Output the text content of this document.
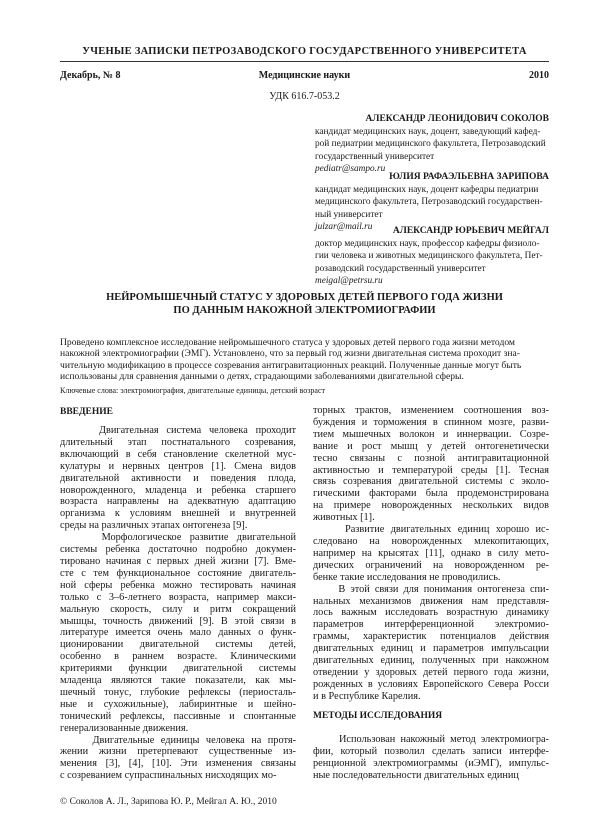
УЧЕНЫЕ ЗАПИСКИ ПЕТРОЗАВОДСКОГО ГОСУДАРСТВЕННОГО УНИВЕРСИТЕТА
Декабрь, № 8	Медицинские науки	2010
УДК 616.7-053.2
АЛЕКСАНДР ЛЕОНИДОВИЧ СОКОЛОВ
кандидат медицинских наук, доцент, заведующий кафед-
рой педиатрии медицинского факультета, Петрозаводский
государственный университет
pediatr@sampo.ru
ЮЛИЯ РАФАЭЛЬЕВНА ЗАРИПОВА
кандидат медицинских наук, доцент кафедры педиатрии
медицинского факультета, Петрозаводский государствен-
ный университет
julzar@mail.ru	АЛЕКСАНДР ЮРЬЕВИЧ МЕЙГАЛ
доктор медицинских наук, профессор кафедры физиоло-
гии человека и животных медицинского факультета, Пет-
розаводский государственный университет
meigal@petrsu.ru
НЕЙРОМЫШЕЧНЫЙ СТАТУС У ЗДОРОВЫХ ДЕТЕЙ ПЕРВОГО ГОДА ЖИЗНИ
ПО ДАННЫМ НАКОЖНОЙ ЭЛЕКТРОМИОГРАФИИ
Проведено комплексное исследование нейромышечного статуса у здоровых детей первого года жизни методом
накожной электромиографии (ЭМГ). Установлено, что за первый год жизни двигательная система проходит зна-
чительную модификацию в процессе созревания антигравитационных реакций. Полученные данные могут быть
использованы для сравнения данными о детях, страдающими заболеваниями двигательной сферы.
Ключевые слова: электромиография, двигательные единицы, детский возраст
ВВЕДЕНИЕ
Двигательная система человека проходит
длительный этап постнатального созревания,
включающий в себя становление скелетной мус-
кулатуры и нервных центров [1]. Смена видов
двигательной активности и поведения плода,
новорожденного, младенца и ребенка старшего
возраста направлены на адекватную адаптацию
организма к условиям внешней и внутренней
среды на различных этапах онтогенеза [9].
Морфологическое развитие двигательной
системы ребенка достаточно подробно докумен-
тировано начиная с первых дней жизни [7]. Вме-
сте с тем функциональное состояние двигатель-
ной сферы ребенка можно тестировать начиная
только с 3–6-летнего возраста, например макси-
мальную скорость, силу и ритм сокращений
мышцы, точность движений [9]. В этой связи в
литературе имеется очень мало данных о функ-
ционировании двигательной системы детей,
особенно в раннем возрасте. Клиническими
критериями функции двигательной системы
младенца являются такие показатели, как мы-
шечный тонус, глубокие рефлексы (периосталь-
ные и сухожильные), лабиринтные и шейно-
тонический рефлексы, пассивные и спонтанные
генерализованные движения.
Двигательные единицы человека на протя-
жении жизни претерпевают существенные из-
менения [3], [4], [10]. Эти изменения связаны
с созреванием супраспинальных нисходящих мо-
торных трактов, изменением соотношения воз-
буждения и торможения в спинном мозге, разви-
тием мышечных волокон и иннервации. Созре-
вание и рост мышц у детей онтогенетически
тесно связаны с позной антигравитационной
активностью и температурой среды [1]. Тесная
связь созревания двигательной системы с эколо-
гическими факторами была продемонстрирована
на примере новорожденных нескольких видов
животных [1].
Развитие двигательных единиц хорошо ис-
следовано на новорожденных млекопитающих,
например на крысятах [11], однако в силу мето-
дических ограничений на новорожденном ре-
бенке такие исследования не проводились.
В этой связи для понимания онтогенеза спи-
нальных механизмов движения нам представля-
лось важным исследовать возрастную динамику
параметров интерференционной электромио-
граммы, характеристик потенциалов действия
двигательных единиц и параметров импульсации
двигательных единиц, полученных при накожном
отведении у здоровых детей первого года жизни,
рожденных в условиях Европейского Севера Росси
и в Республике Карелия.
МЕТОДЫ ИССЛЕДОВАНИЯ
Использован накожный метод электромиогра-
фии, который позволил сделать записи интерфе-
ренционной электромиограммы (иЭМГ), импульс-
ные последовательности двигательных единиц
© Соколов А. Л., Зарипова Ю. Р., Мейгал А. Ю., 2010
